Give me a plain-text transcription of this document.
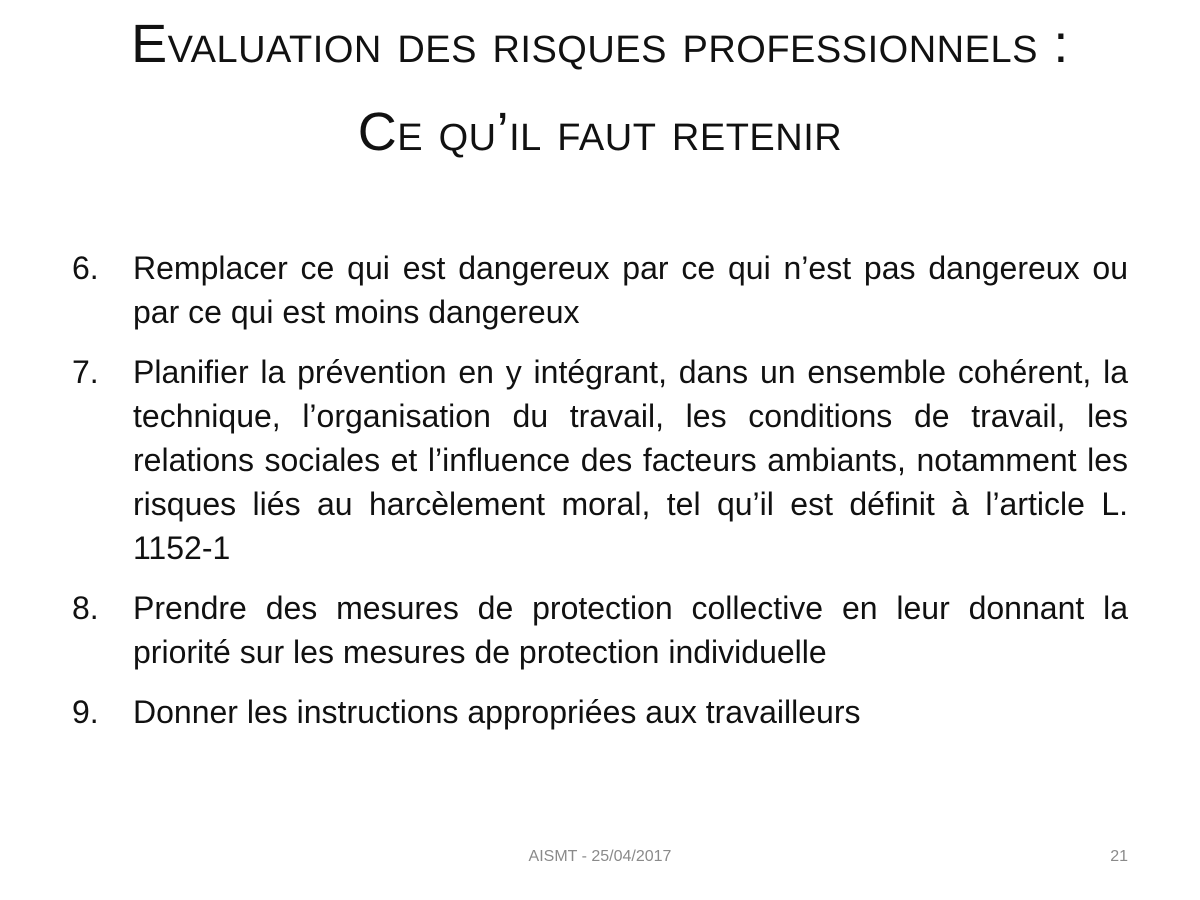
Evaluation des risques professionnels :
Ce qu’il faut retenir
6.	Remplacer ce qui est dangereux par ce qui n’est pas dangereux ou par ce qui est moins dangereux
7.	Planifier la prévention en y intégrant, dans un ensemble cohérent, la technique, l’organisation du travail, les conditions de travail, les relations sociales et l’influence des facteurs ambiants, notamment les risques liés au harcèlement moral, tel qu’il est définit à l’article L. 1152-1
8.	Prendre des mesures de protection collective en leur donnant la priorité sur les mesures de protection individuelle
9.	Donner les instructions appropriées aux travailleurs
AISMT - 25/04/2017	21
